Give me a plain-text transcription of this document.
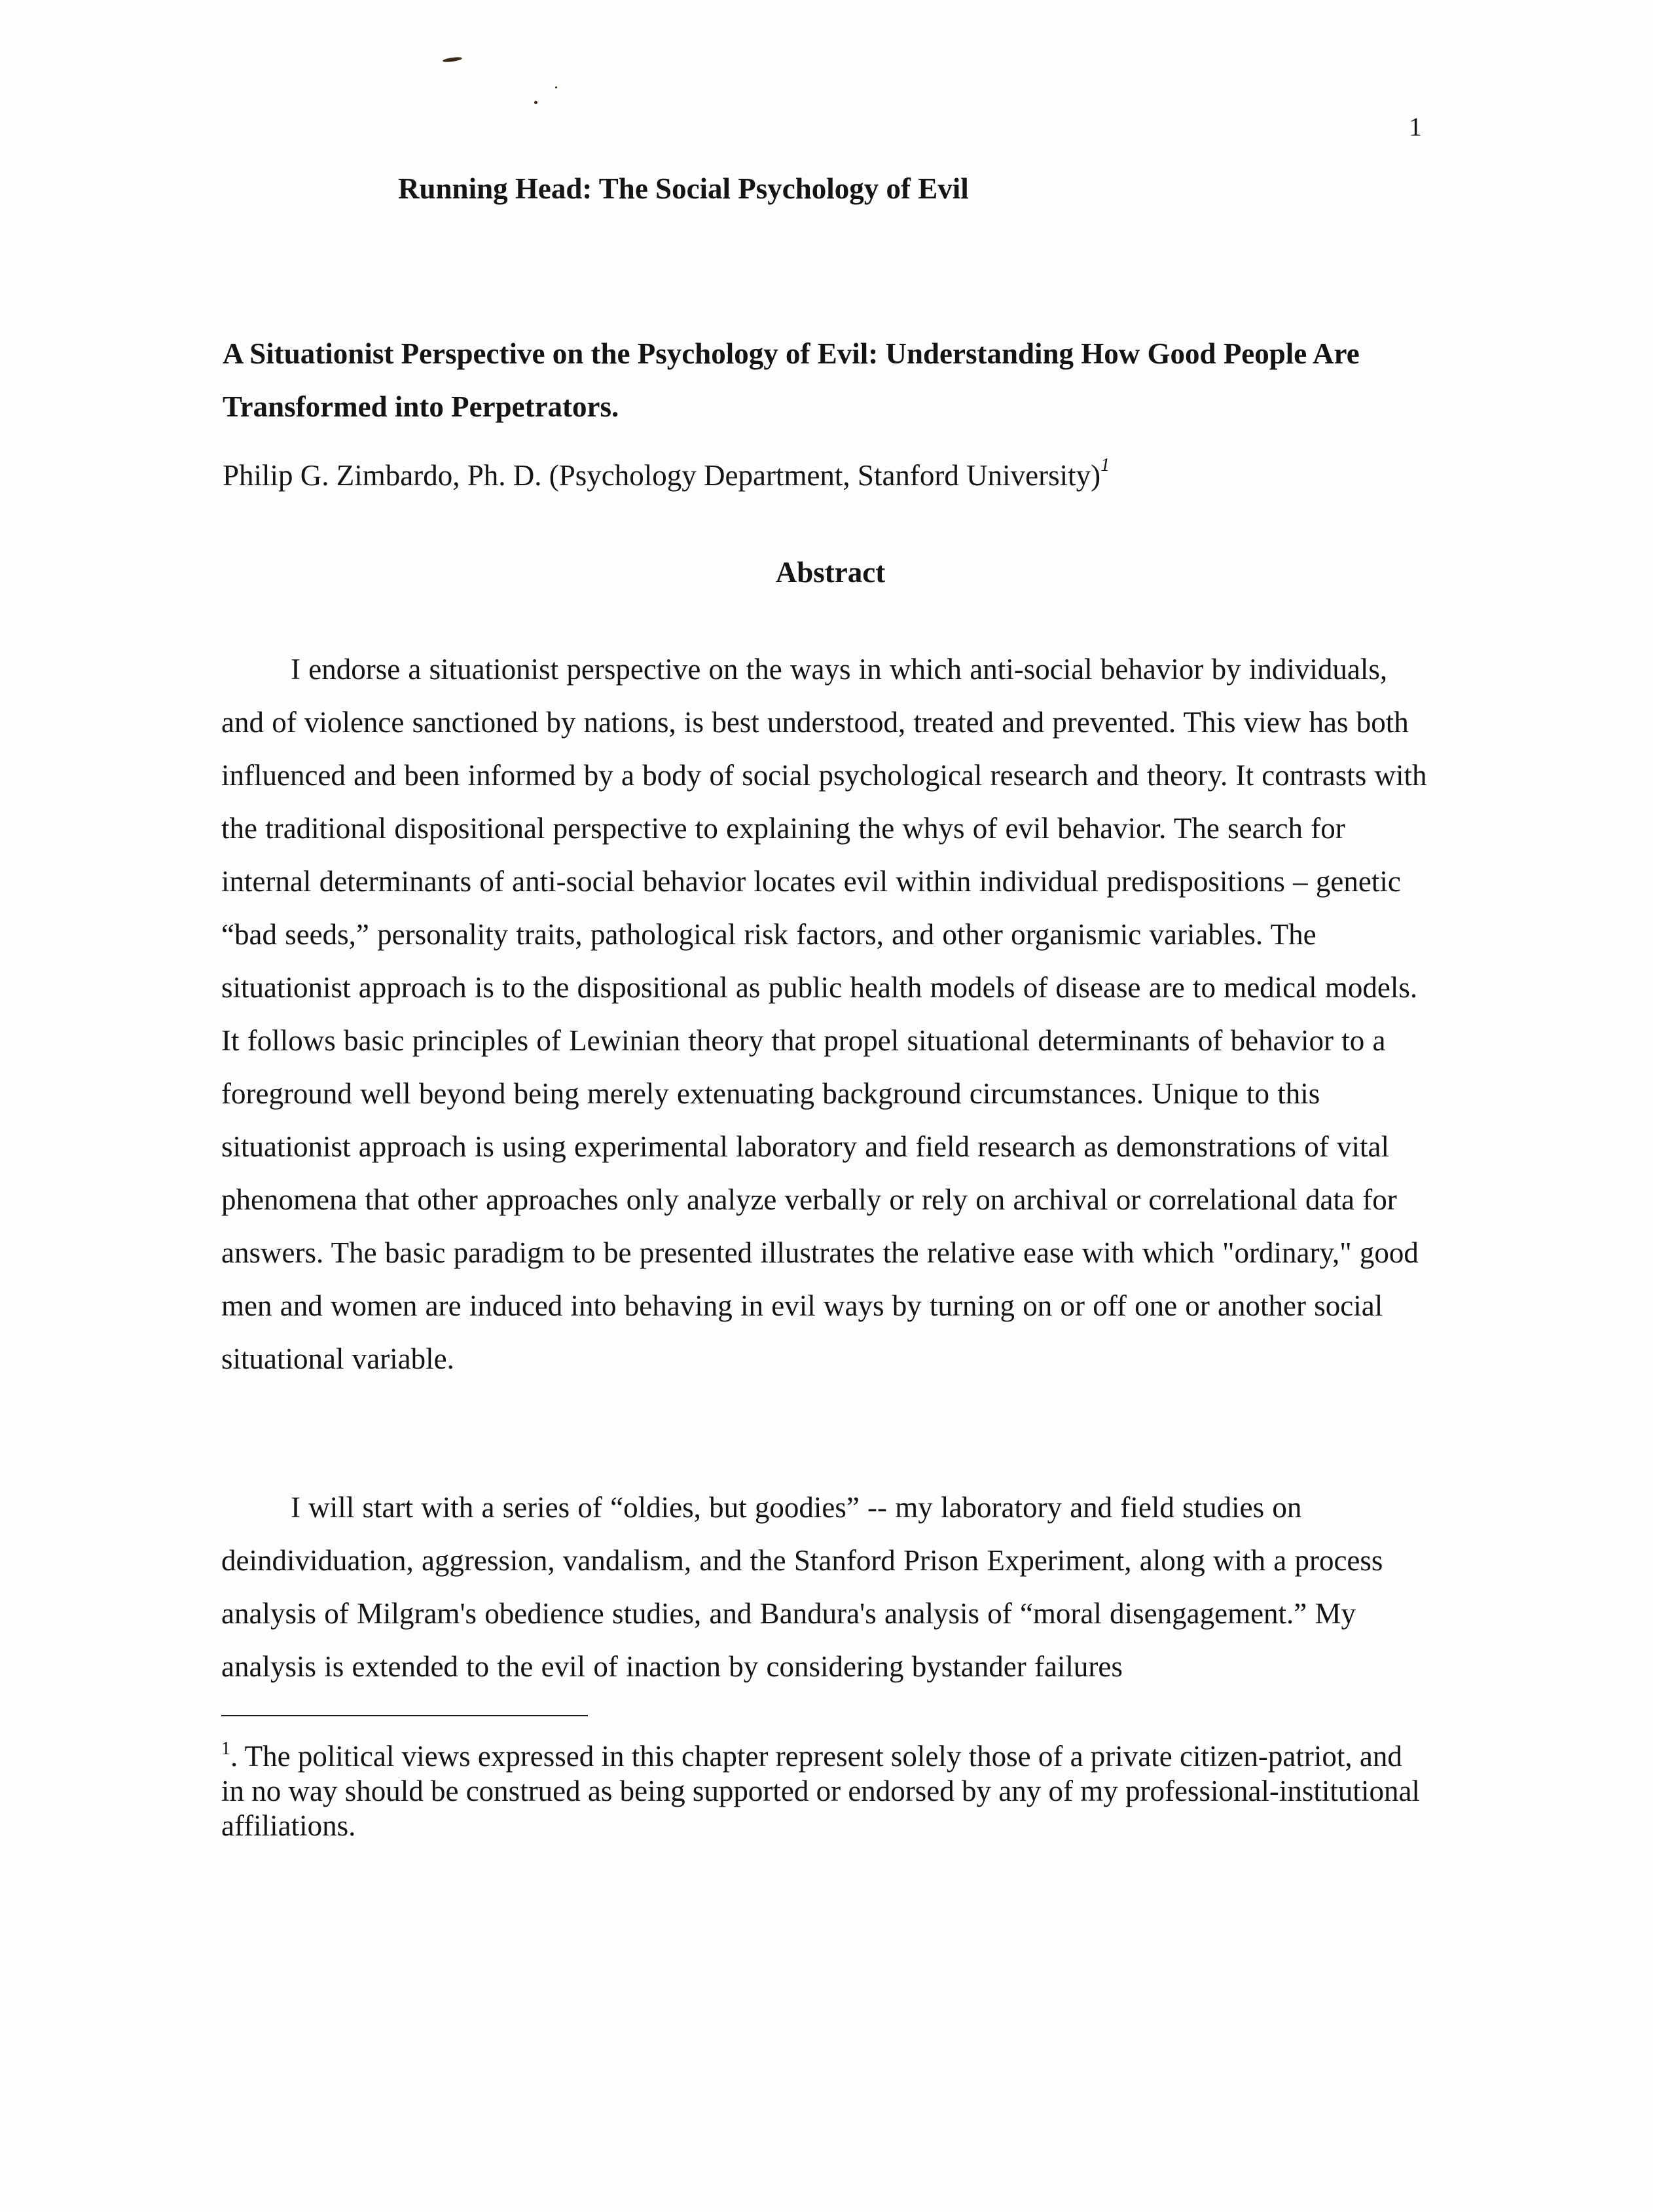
1
Running Head: The Social Psychology of Evil
A Situationist Perspective on the Psychology of Evil: Understanding How Good People Are Transformed into Perpetrators.
Philip G. Zimbardo, Ph. D. (Psychology Department, Stanford University)$^1$
Abstract

I endorse a situationist perspective on the ways in which anti-social behavior by individuals, and of violence sanctioned by nations, is best understood, treated and prevented. This view has both influenced and been informed by a body of social psychological research and theory. It contrasts with the traditional dispositional perspective to explaining the whys of evil behavior. The search for internal determinants of anti-social behavior locates evil within individual predispositions – genetic “bad seeds,” personality traits, pathological risk factors, and other organismic variables. The situationist approach is to the dispositional as public health models of disease are to medical models. It follows basic principles of Lewinian theory that propel situational determinants of behavior to a foreground well beyond being merely extenuating background circumstances. Unique to this situationist approach is using experimental laboratory and field research as demonstrations of vital phenomena that other approaches only analyze verbally or rely on archival or correlational data for answers. The basic paradigm to be presented illustrates the relative ease with which "ordinary," good men and women are induced into behaving in evil ways by turning on or off one or another social situational variable.

I will start with a series of “oldies, but goodies” -- my laboratory and field studies on deindividuation, aggression, vandalism, and the Stanford Prison Experiment, along with a process analysis of Milgram's obedience studies, and Bandura's analysis of “moral disengagement.” My analysis is extended to the evil of inaction by considering bystander failures

$^1$. The political views expressed in this chapter represent solely those of a private citizen-patriot, and in no way should be construed as being supported or endorsed by any of my professional-institutional affiliations.
